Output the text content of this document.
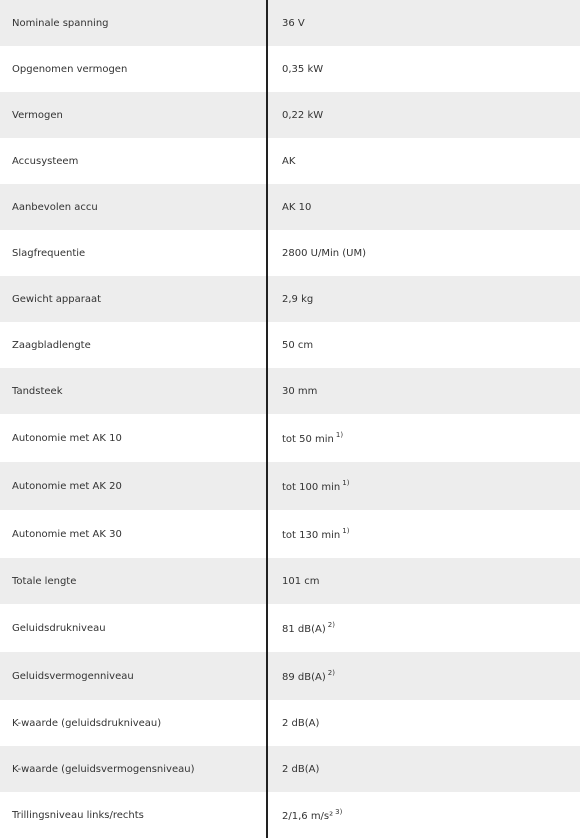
Nominale spanning	36 V
Opgenomen vermogen	0,35 kW
Vermogen	0,22 kW
Accusysteem	AK
Aanbevolen accu	AK 10
Slagfrequentie	2800 U/Min (UM)
Gewicht apparaat	2,9 kg
Zaagbladlengte	50 cm
Tandsteek	30 mm
Autonomie met AK 10	tot 50 min $^{1)}$
Autonomie met AK 20	tot 100 min $^{1)}$
Autonomie met AK 30	tot 130 min $^{1)}$
Totale lengte	101 cm
Geluidsdrukniveau	81 dB(A) $^{2)}$
Geluidsvermogenniveau	89 dB(A) $^{2)}$
K-waarde (geluidsdrukniveau)	2 dB(A)
K-waarde (geluidsvermogensniveau)	2 dB(A)
Trillingsniveau links/rechts	2/1,6 m/s² $^{3)}$
